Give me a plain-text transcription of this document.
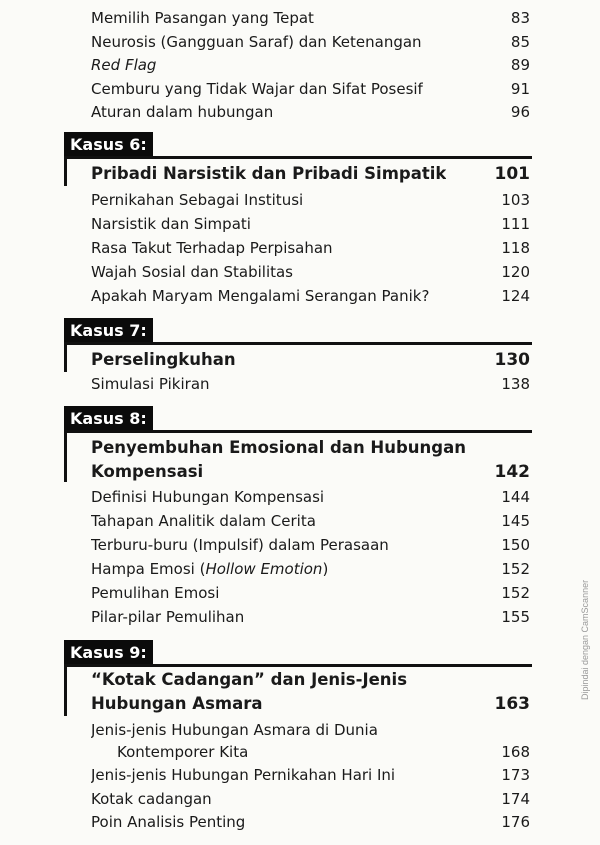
Memilih Pasangan yang Tepat	83
Neurosis (Gangguan Saraf) dan Ketenangan	85
Red Flag	89
Cemburu yang Tidak Wajar dan Sifat Posesif	91
Aturan dalam hubungan	96
Kasus 6:
Pribadi Narsistik dan Pribadi Simpatik	101
Pernikahan Sebagai Institusi	103
Narsistik dan Simpati	111
Rasa Takut Terhadap Perpisahan	118
Wajah Sosial dan Stabilitas	120
Apakah Maryam Mengalami Serangan Panik?	124
Kasus 7:
Perselingkuhan	130
Simulasi Pikiran	138
Kasus 8:
Penyembuhan Emosional dan Hubungan
Kompensasi	142
Definisi Hubungan Kompensasi	144
Tahapan Analitik dalam Cerita	145
Terburu-buru (Impulsif) dalam Perasaan	150
Hampa Emosi (Hollow Emotion)	152
Pemulihan Emosi	152
Pilar-pilar Pemulihan	155
Kasus 9:
“Kotak Cadangan” dan Jenis-Jenis
Hubungan Asmara	163
Jenis-jenis Hubungan Asmara di Dunia
Kontemporer Kita	168
Jenis-jenis Hubungan Pernikahan Hari Ini	173
Kotak cadangan	174
Poin Analisis Penting	176
Dipindai dengan CamScanner
